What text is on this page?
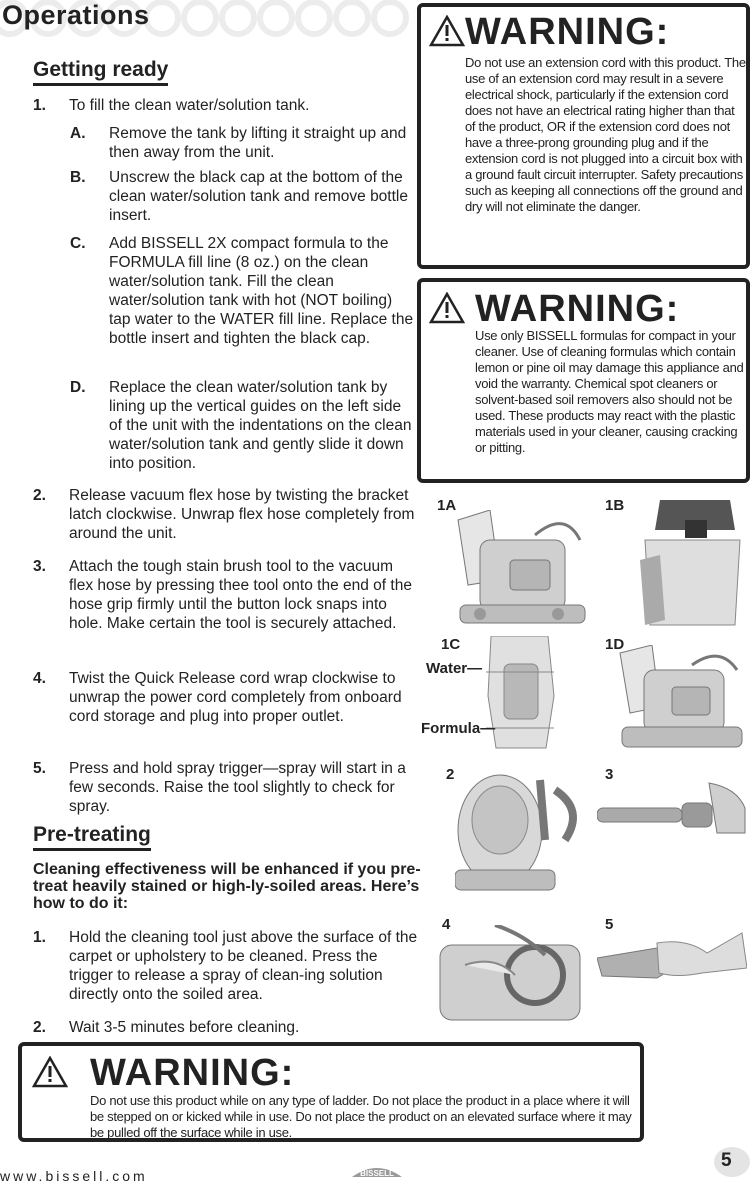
Operations
Getting ready
1. To fill the clean water/solution tank.
A. Remove the tank by lifting it straight up and then away from the unit.
B. Unscrew the black cap at the bottom of the clean water/solution tank and remove bottle insert.
C. Add BISSELL 2X compact formula to the FORMULA fill line (8 oz.) on the clean water/solution tank. Fill the clean water/solution tank with hot (NOT boiling) tap water to the WATER fill line. Replace the bottle insert and tighten the black cap.
D. Replace the clean water/solution tank by lining up the vertical guides on the left side of the unit with the indentations on the clean water/solution tank and gently slide it down into position.
2. Release vacuum flex hose by twisting the bracket latch clockwise. Unwrap flex hose completely from around the unit.
3. Attach the tough stain brush tool to the vacuum flex hose by pressing thee tool onto the end of the hose grip firmly until the button lock snaps into hole. Make certain the tool is securely attached.
4. Twist the Quick Release cord wrap clockwise to unwrap the power cord completely from onboard cord storage and plug into proper outlet.
5. Press and hold spray trigger—spray will start in a few seconds. Raise the tool slightly to check for spray.
Pre-treating
Cleaning effectiveness will be enhanced if you pre-treat heavily stained or high-ly-soiled areas. Here’s how to do it:
1. Hold the cleaning tool just above the surface of the carpet or upholstery to be cleaned. Press the trigger to release a spray of clean-ing solution directly onto the soiled area.
2. Wait 3-5 minutes before cleaning.
WARNING:
Do not use an extension cord with this product. The use of an extension cord may result in a severe electrical shock, particularly if the extension cord does not have an electrical rating higher than that of the product, OR if the extension cord does not have a three-prong grounding plug and if the extension cord is not plugged into a circuit box with a ground fault circuit interrupter. Safety precautions such as keeping all connections off the ground and dry will not eliminate the danger.
WARNING:
Use only BISSELL formulas for compact in your cleaner. Use of cleaning formulas which contain lemon or pine oil may damage this appliance and void the warranty. Chemical spot cleaners or solvent-based soil removers also should not be used. These products may react with the plastic materials used in your cleaner, causing cracking or pitting.
1A	1B
1C	1D
2	3
4	5
Water—
Formula—
WARNING:
Do not use this product while on any type of ladder. Do not place the product in a place where it will be stepped on or kicked while in use. Do not place the product on an elevated surface where it may be pulled off the surface while in use.
www.bissell.com	BISSELL
5
